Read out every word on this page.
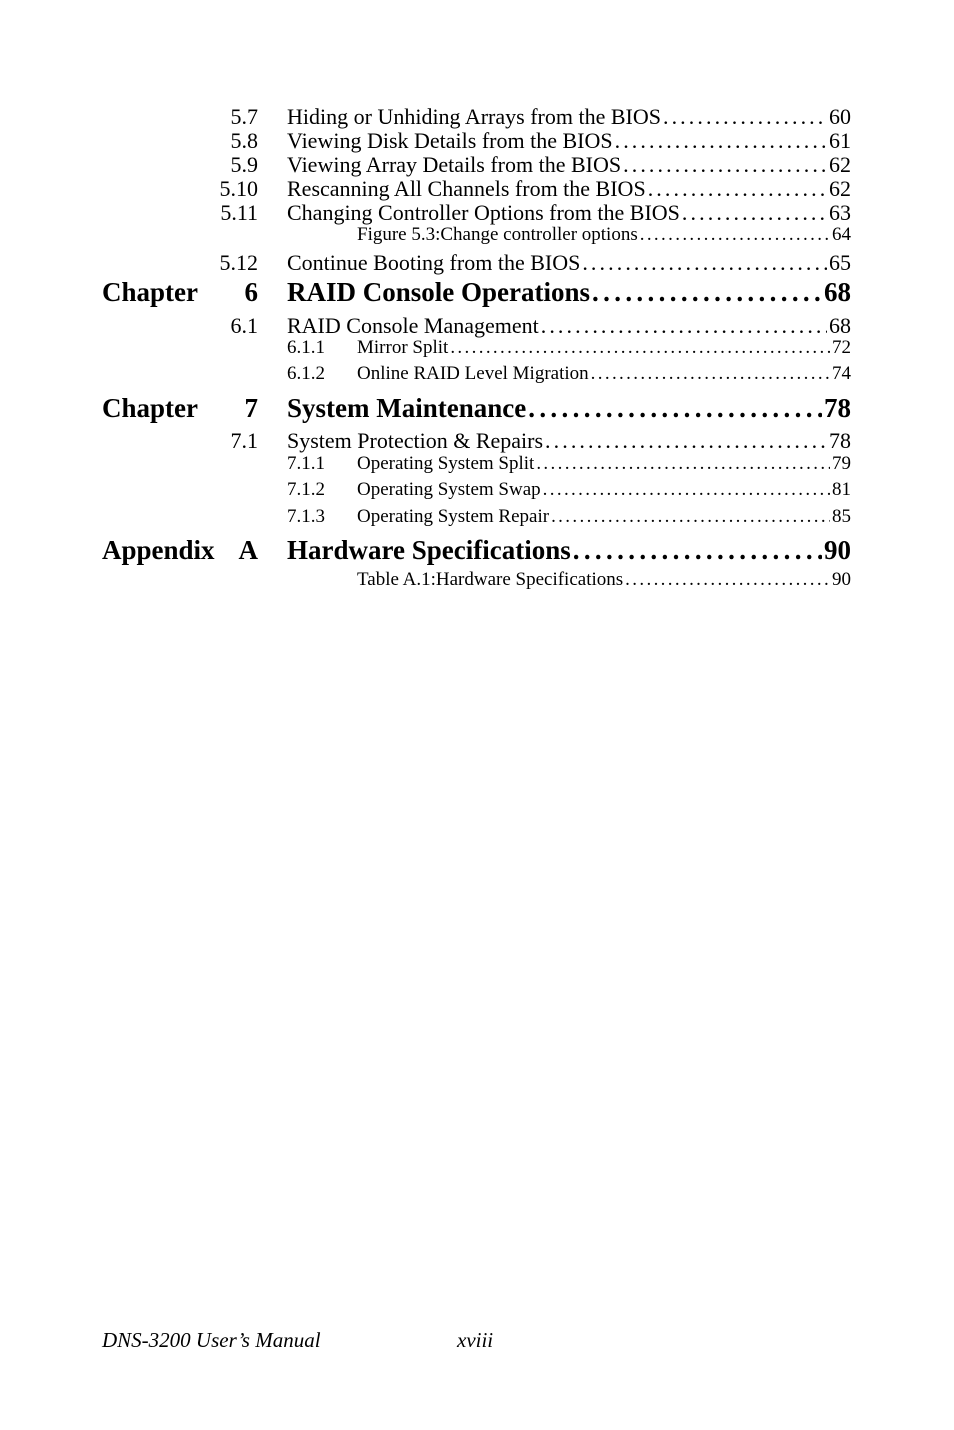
5.7 Hiding or Unhiding Arrays from the BIOS . . .	60
5.8 Viewing Disk Details from the BIOS . . .	61
5.9 Viewing Array Details from the BIOS . . .	62
5.10 Rescanning All Channels from the BIOS . . .	62
5.11 Changing Controller Options from the BIOS . . .	63
Figure 5.3:Change controller options . . .	64
5.12 Continue Booting from the BIOS . . .	65
Chapter	6 RAID Console Operations . . .	68
6.1 RAID Console Management . . .	68
6.1.1	Mirror Split . . .	72
6.1.2	Online RAID Level Migration . . .	74
Chapter	7 System Maintenance . . .	78
7.1 System Protection & Repairs . . .	78
7.1.1	Operating System Split . . .	79
7.1.2	Operating System Swap . . .	81
7.1.3	Operating System Repair . . .	85
Appendix A Hardware Specifications . . .	90
Table A.1:Hardware Specifications . . .	90
DNS-3200 User’s Manual	xviii
